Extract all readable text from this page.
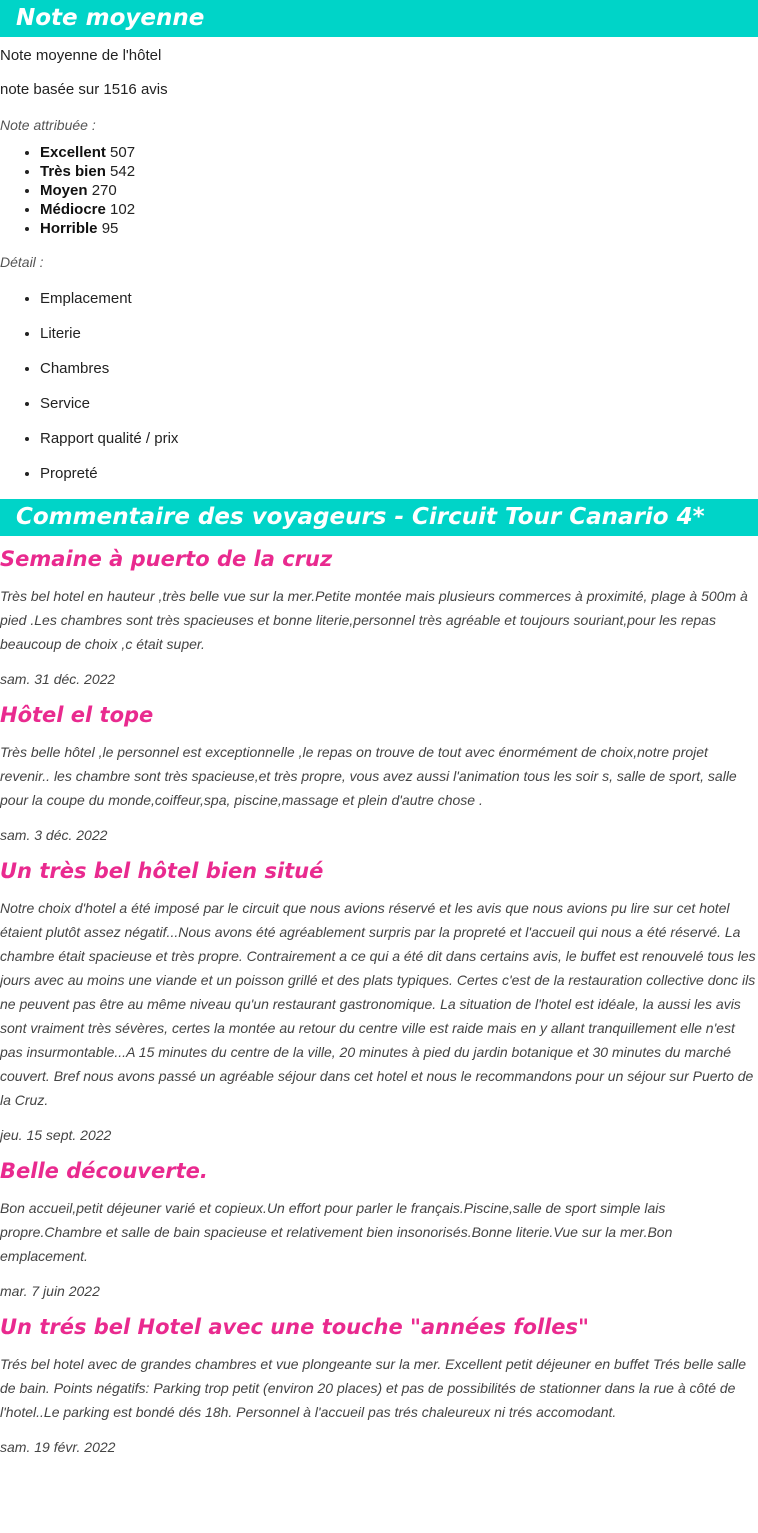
Note moyenne

Note moyenne de l'hôtel

note basée sur 1516 avis

Note attribuée :

• Excellent 507
• Très bien 542
• Moyen 270
• Médiocre 102
• Horrible 95

Détail :

• Emplacement
• Literie
• Chambres
• Service
• Rapport qualité / prix
• Propreté
Commentaire des voyageurs - Circuit Tour Canario 4*
Semaine à puerto de la cruz

Très bel hotel en hauteur ,très belle vue sur la mer.Petite montée mais plusieurs commerces à proximité, plage à 500m à pied .Les chambres sont très spacieuses et bonne literie,personnel très agréable et toujours souriant,pour les repas beaucoup de choix ,c était super.

sam. 31 déc. 2022

Hôtel el tope

Très belle hôtel ,le personnel est exceptionnelle ,le repas on trouve de tout avec énormément de choix,notre projet revenir.. les chambre sont très spacieuse,et très propre, vous avez aussi l'animation tous les soir s, salle de sport, salle pour la coupe du monde,coiffeur,spa, piscine,massage et plein d'autre chose .

sam. 3 déc. 2022

Un très bel hôtel bien situé

Notre choix d'hotel a été imposé par le circuit que nous avions réservé et les avis que nous avions pu lire sur cet hotel étaient plutôt assez négatif...Nous avons été agréablement surpris par la propreté et l'accueil qui nous a été réservé. La chambre était spacieuse et très propre. Contrairement a ce qui a été dit dans certains avis, le buffet est renouvelé tous les jours avec au moins une viande et un poisson grillé et des plats typiques. Certes c'est de la restauration collective donc ils ne peuvent pas être au même niveau qu'un restaurant gastronomique. La situation de l'hotel est idéale, la aussi les avis sont vraiment très sévères, certes la montée au retour du centre ville est raide mais en y allant tranquillement elle n'est pas insurmontable...A 15 minutes du centre de la ville, 20 minutes à pied du jardin botanique et 30 minutes du marché couvert. Bref nous avons passé un agréable séjour dans cet hotel et nous le recommandons pour un séjour sur Puerto de la Cruz.

jeu. 15 sept. 2022

Belle découverte.

Bon accueil,petit déjeuner varié et copieux.Un effort pour parler le français.Piscine,salle de sport simple lais propre.Chambre et salle de bain spacieuse et relativement bien insonorisés.Bonne literie.Vue sur la mer.Bon emplacement.

mar. 7 juin 2022

Un trés bel Hotel avec une touche "années folles"

Trés bel hotel avec de grandes chambres et vue plongeante sur la mer. Excellent petit déjeuner en buffet Trés belle salle de bain. Points négatifs: Parking trop petit (environ 20 places) et pas de possibilités de stationner dans la rue à côté de l'hotel..Le parking est bondé dés 18h. Personnel à l'accueil pas trés chaleureux ni trés accomodant.

sam. 19 févr. 2022
